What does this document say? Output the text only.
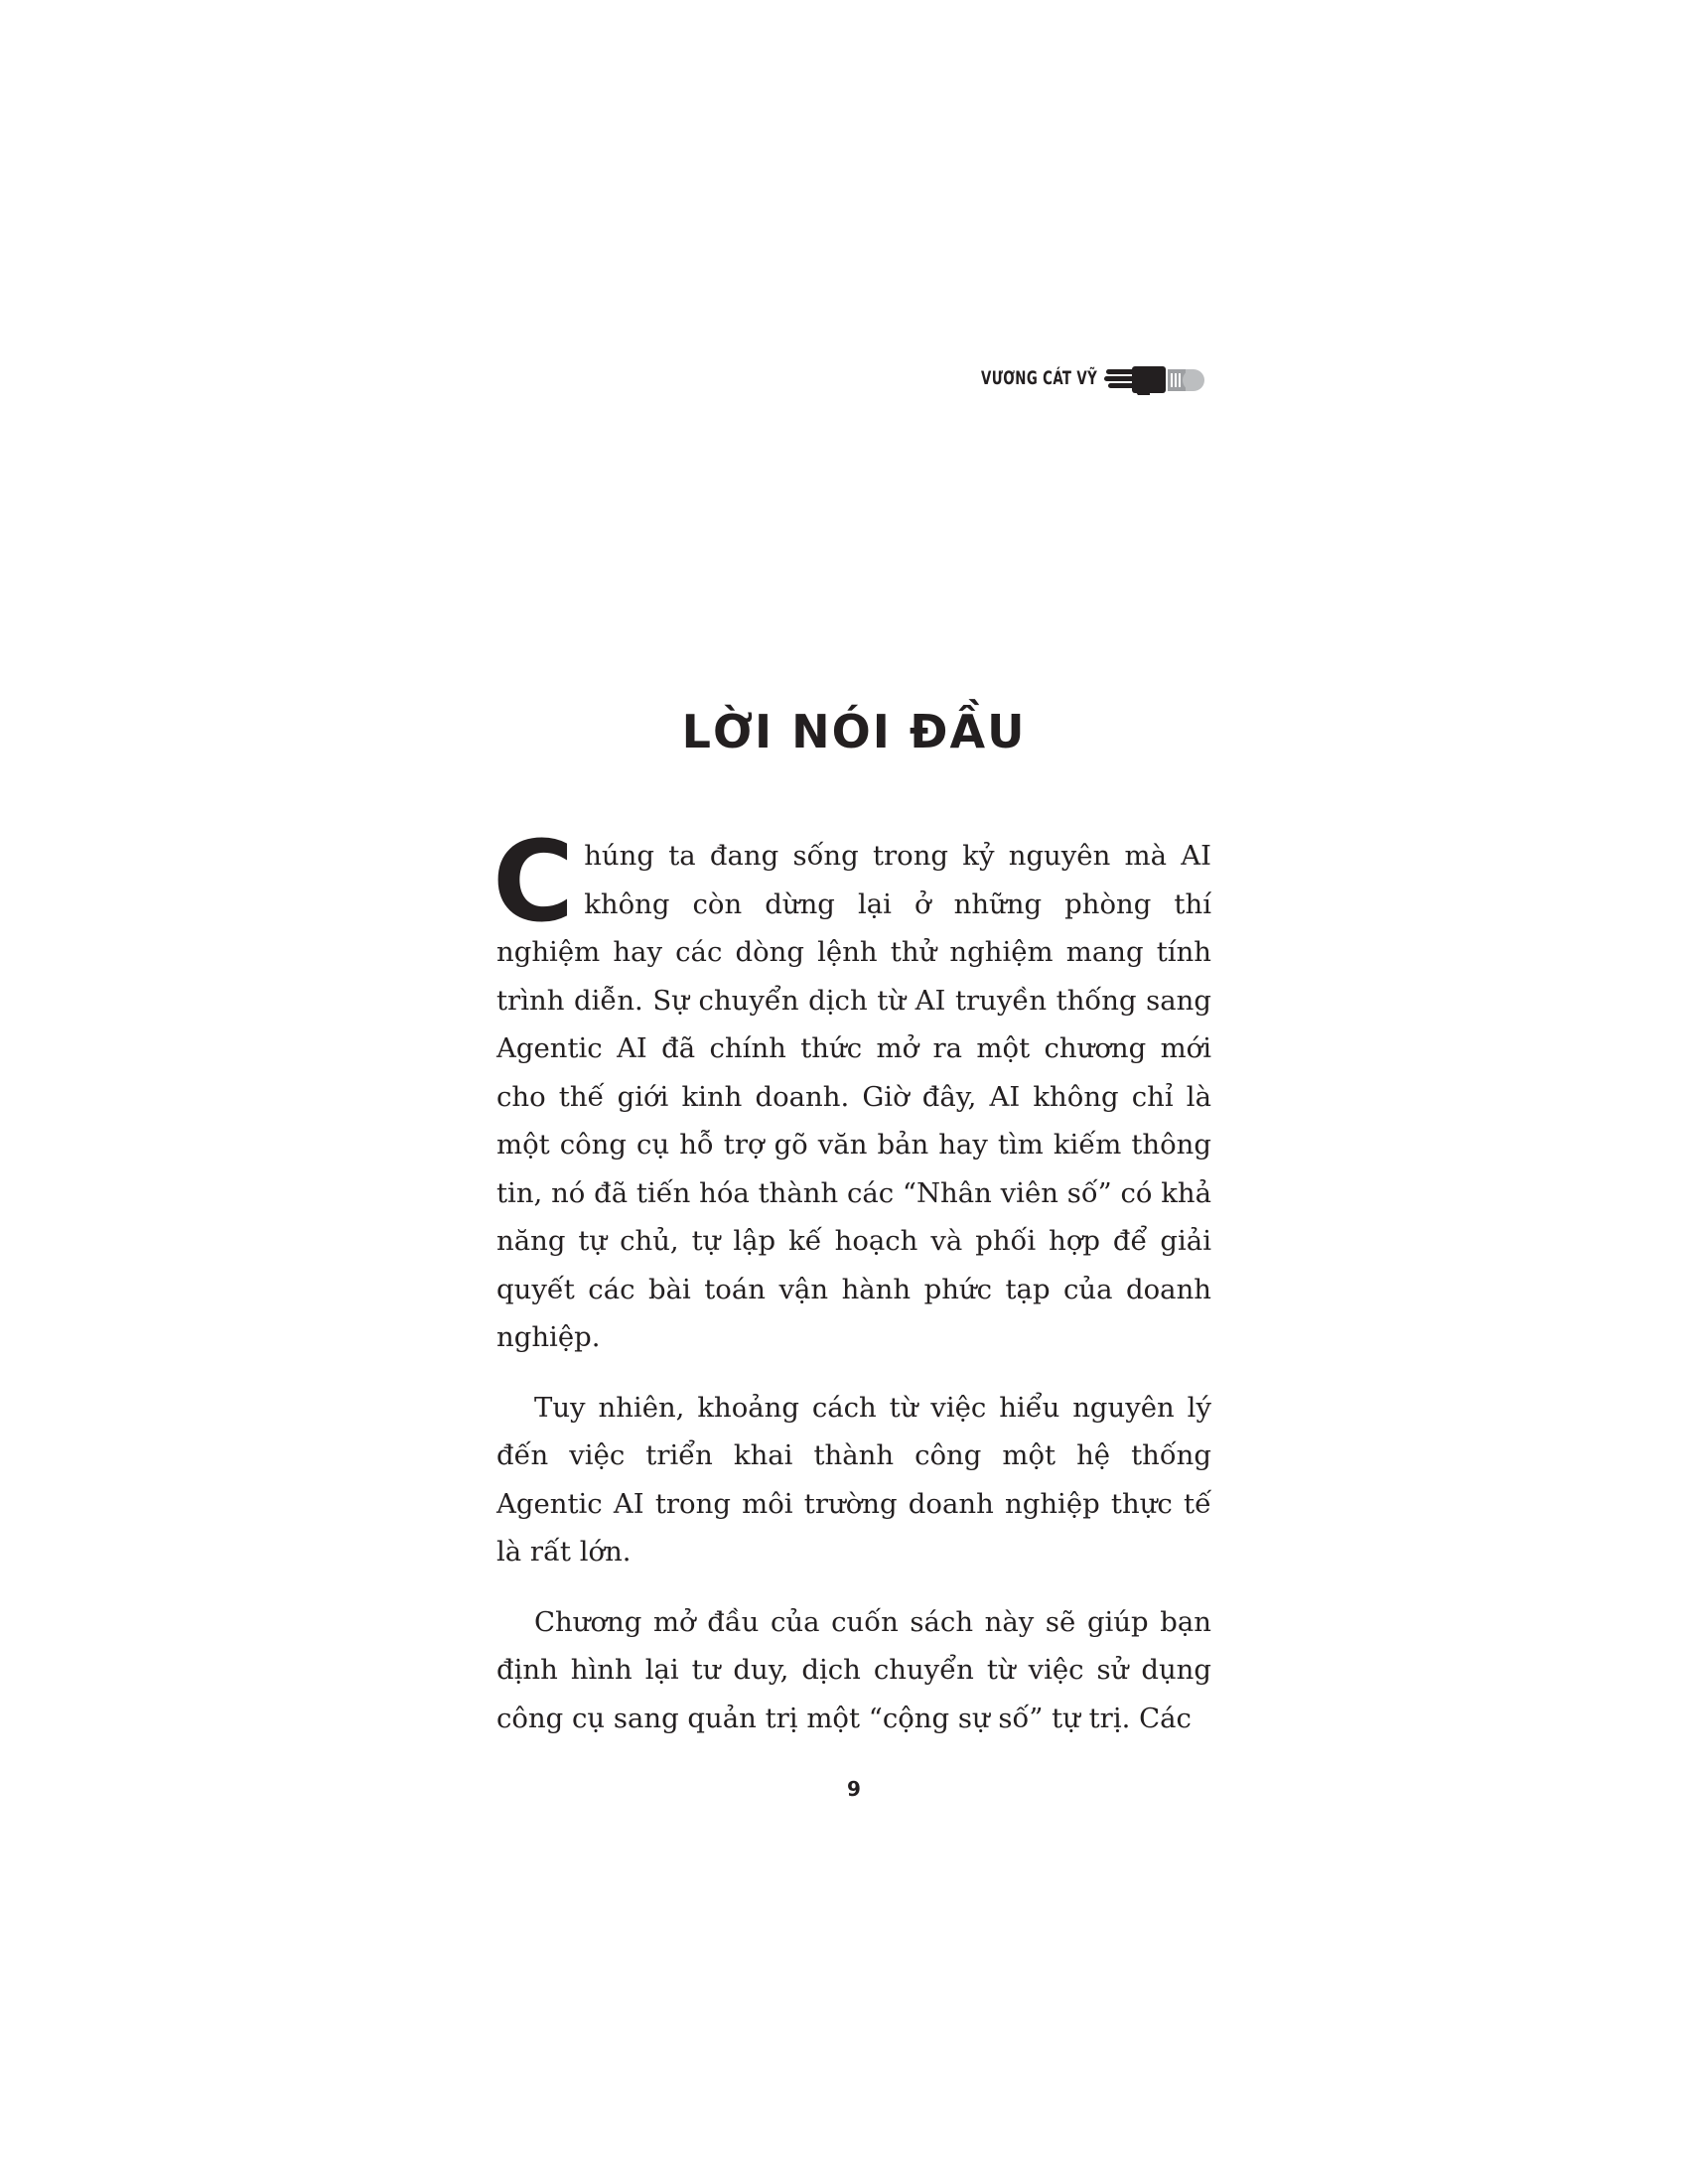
VƯƠNG CÁT VỸ
LỜI NÓI ĐẦU

Chúng ta đang sống trong kỷ nguyên mà AI không còn dừng lại ở những phòng thí nghiệm hay các dòng lệnh thử nghiệm mang tính trình diễn. Sự chuyển dịch từ AI truyền thống sang Agentic AI đã chính thức mở ra một chương mới cho thế giới kinh doanh. Giờ đây, AI không chỉ là một công cụ hỗ trợ gõ văn bản hay tìm kiếm thông tin, nó đã tiến hóa thành các “Nhân viên số” có khả năng tự chủ, tự lập kế hoạch và phối hợp để giải quyết các bài toán vận hành phức tạp của doanh nghiệp.

Tuy nhiên, khoảng cách từ việc hiểu nguyên lý đến việc triển khai thành công một hệ thống Agentic AI trong môi trường doanh nghiệp thực tế là rất lớn.

Chương mở đầu của cuốn sách này sẽ giúp bạn định hình lại tư duy, dịch chuyển từ việc sử dụng công cụ sang quản trị một “cộng sự số” tự trị. Các

9
